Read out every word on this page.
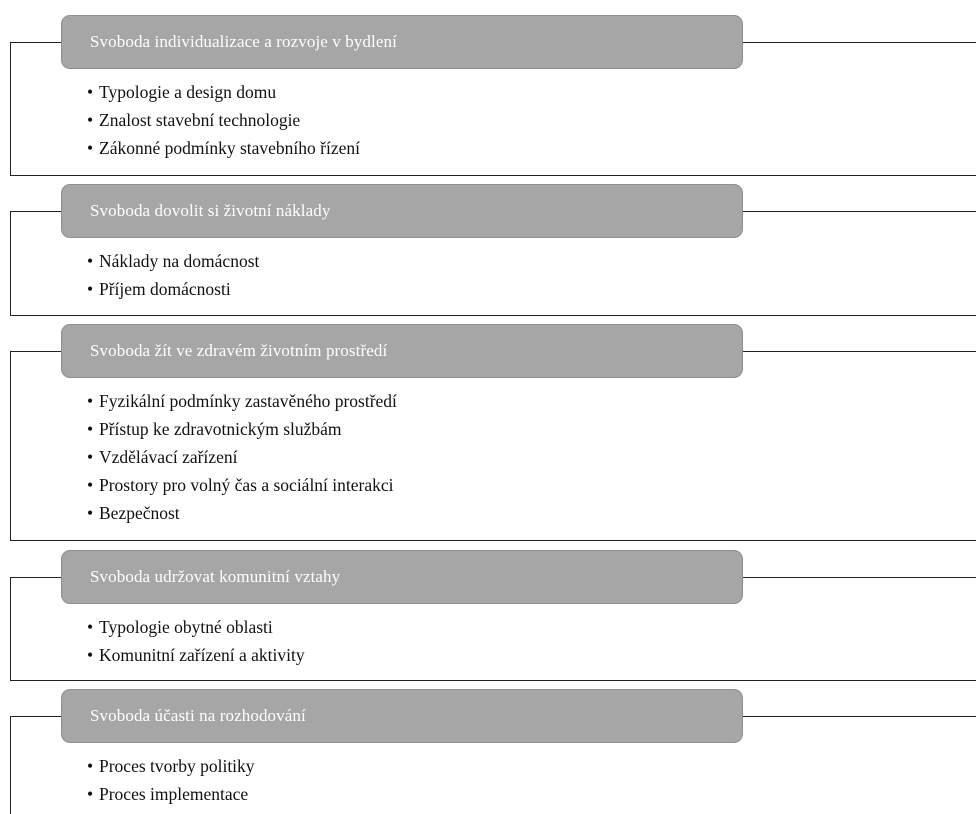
Svoboda individualizace a rozvoje v bydlení
• Typologie a design domu
• Znalost stavební technologie
• Zákonné podmínky stavebního řízení
Svoboda dovolit si životní náklady
• Náklady na domácnost
• Příjem domácnosti
Svoboda žít ve zdravém životním prostředí
• Fyzikální podmínky zastavěného prostředí
• Přístup ke zdravotnickým službám
• Vzdělávací zařízení
• Prostory pro volný čas a sociální interakci
• Bezpečnost
Svoboda udržovat komunitní vztahy
• Typologie obytné oblasti
• Komunitní zařízení a aktivity
Svoboda účasti na rozhodování
• Proces tvorby politiky
• Proces implementace
